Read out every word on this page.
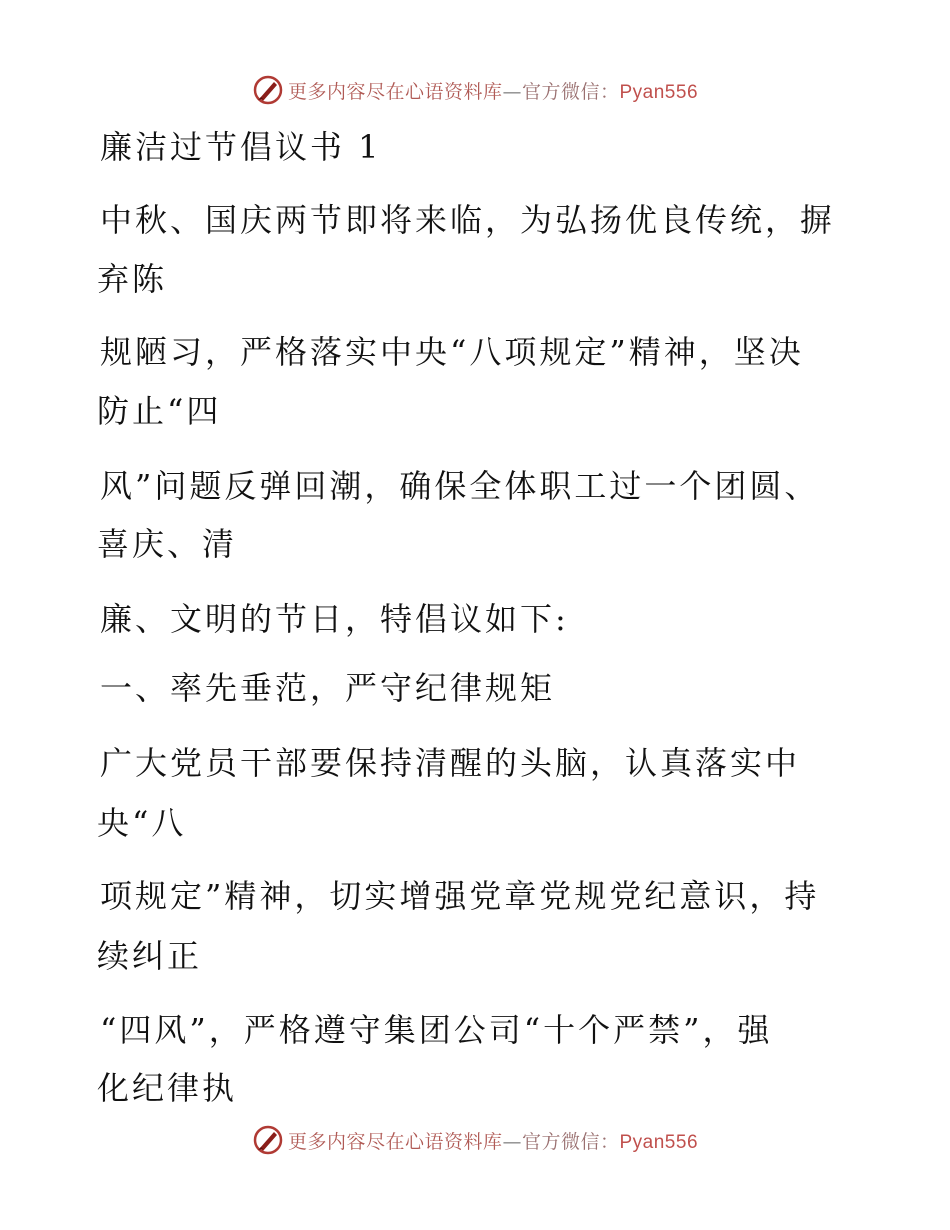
更多内容尽在心语资料库—官方微信：Pyan556
廉洁过节倡议书 1
中秋、国庆两节即将来临，为弘扬优良传统，摒
弃陈
规陋习，严格落实中央“八项规定”精神，坚决
防止“四
风”问题反弹回潮，确保全体职工过一个团圆、
喜庆、清
廉、文明的节日，特倡议如下:
一、率先垂范，严守纪律规矩
广大党员干部要保持清醒的头脑，认真落实中
央“八
项规定”精神，切实增强党章党规党纪意识，持
续纠正
“四风”，严格遵守集团公司“十个严禁”，强
化纪律执
更多内容尽在心语资料库—官方微信：Pyan556
